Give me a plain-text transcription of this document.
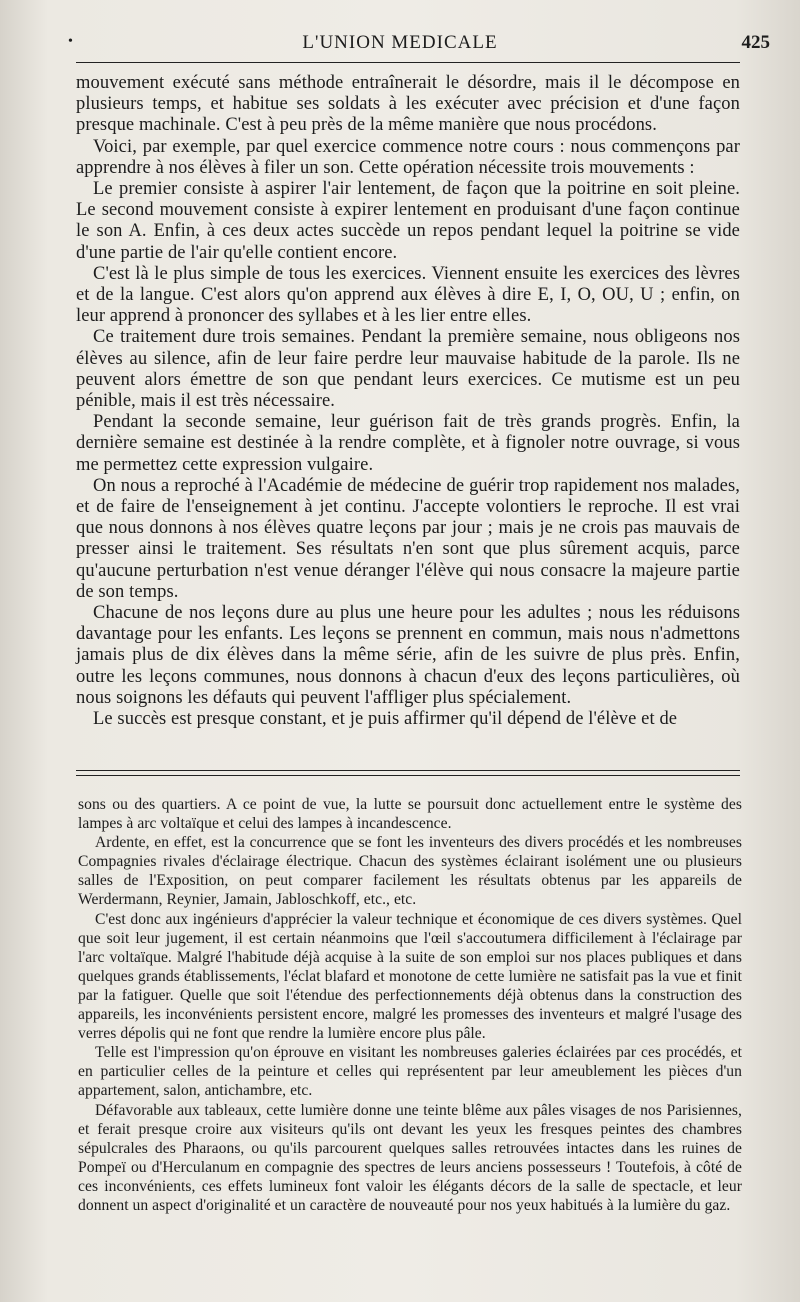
•	L'UNION MEDICALE	425

mouvement exécuté sans méthode entraînerait le désordre, mais il le décompose en plusieurs temps, et habitue ses soldats à les exécuter avec précision et d'une façon presque machinale. C'est à peu près de la même manière que nous procédons.

Voici, par exemple, par quel exercice commence notre cours : nous commençons par apprendre à nos élèves à filer un son. Cette opération nécessite trois mouvements :

Le premier consiste à aspirer l'air lentement, de façon que la poitrine en soit pleine. Le second mouvement consiste à expirer lentement en produisant d'une façon continue le son A. Enfin, à ces deux actes succède un repos pendant lequel la poitrine se vide d'une partie de l'air qu'elle contient encore.

C'est là le plus simple de tous les exercices. Viennent ensuite les exercices des lèvres et de la langue. C'est alors qu'on apprend aux élèves à dire E, I, O, OU, U ; enfin, on leur apprend à prononcer des syllabes et à les lier entre elles.

Ce traitement dure trois semaines. Pendant la première semaine, nous obligeons nos élèves au silence, afin de leur faire perdre leur mauvaise habitude de la parole. Ils ne peuvent alors émettre de son que pendant leurs exercices. Ce mutisme est un peu pénible, mais il est très nécessaire.

Pendant la seconde semaine, leur guérison fait de très grands progrès. Enfin, la dernière semaine est destinée à la rendre complète, et à fignoler notre ouvrage, si vous me permettez cette expression vulgaire.

On nous a reproché à l'Académie de médecine de guérir trop rapidement nos malades, et de faire de l'enseignement à jet continu. J'accepte volontiers le reproche. Il est vrai que nous donnons à nos élèves quatre leçons par jour ; mais je ne crois pas mauvais de presser ainsi le traitement. Ses résultats n'en sont que plus sûrement acquis, parce qu'aucune perturbation n'est venue déranger l'élève qui nous consacre la majeure partie de son temps.

Chacune de nos leçons dure au plus une heure pour les adultes ; nous les réduisons davantage pour les enfants. Les leçons se prennent en commun, mais nous n'admettons jamais plus de dix élèves dans la même série, afin de les suivre de plus près. Enfin, outre les leçons communes, nous donnons à chacun d'eux des leçons particulières, où nous soignons les défauts qui peuvent l'affliger plus spécialement.

Le succès est presque constant, et je puis affirmer qu'il dépend de l'élève et de

sons ou des quartiers. A ce point de vue, la lutte se poursuit donc actuellement entre le système des lampes à arc voltaïque et celui des lampes à incandescence.

Ardente, en effet, est la concurrence que se font les inventeurs des divers procédés et les nombreuses Compagnies rivales d'éclairage électrique. Chacun des systèmes éclairant isolément une ou plusieurs salles de l'Exposition, on peut comparer facilement les résultats obtenus par les appareils de Werdermann, Reynier, Jamain, Jabloschkoff, etc., etc.

C'est donc aux ingénieurs d'apprécier la valeur technique et économique de ces divers systèmes. Quel que soit leur jugement, il est certain néanmoins que l'œil s'accoutumera difficilement à l'éclairage par l'arc voltaïque. Malgré l'habitude déjà acquise à la suite de son emploi sur nos places publiques et dans quelques grands établissements, l'éclat blafard et monotone de cette lumière ne satisfait pas la vue et finit par la fatiguer. Quelle que soit l'étendue des perfectionnements déjà obtenus dans la construction des appareils, les inconvénients persistent encore, malgré les promesses des inventeurs et malgré l'usage des verres dépolis qui ne font que rendre la lumière encore plus pâle.

Telle est l'impression qu'on éprouve en visitant les nombreuses galeries éclairées par ces procédés, et en particulier celles de la peinture et celles qui représentent par leur ameublement les pièces d'un appartement, salon, antichambre, etc.

Défavorable aux tableaux, cette lumière donne une teinte blême aux pâles visages de nos Parisiennes, et ferait presque croire aux visiteurs qu'ils ont devant les yeux les fresques peintes des chambres sépulcrales des Pharaons, ou qu'ils parcourent quelques salles retrouvées intactes dans les ruines de Pompeï ou d'Herculanum en compagnie des spectres de leurs anciens possesseurs ! Toutefois, à côté de ces inconvénients, ces effets lumineux font valoir les élégants décors de la salle de spectacle, et leur donnent un aspect d'originalité et un caractère de nouveauté pour nos yeux habitués à la lumière du gaz.
